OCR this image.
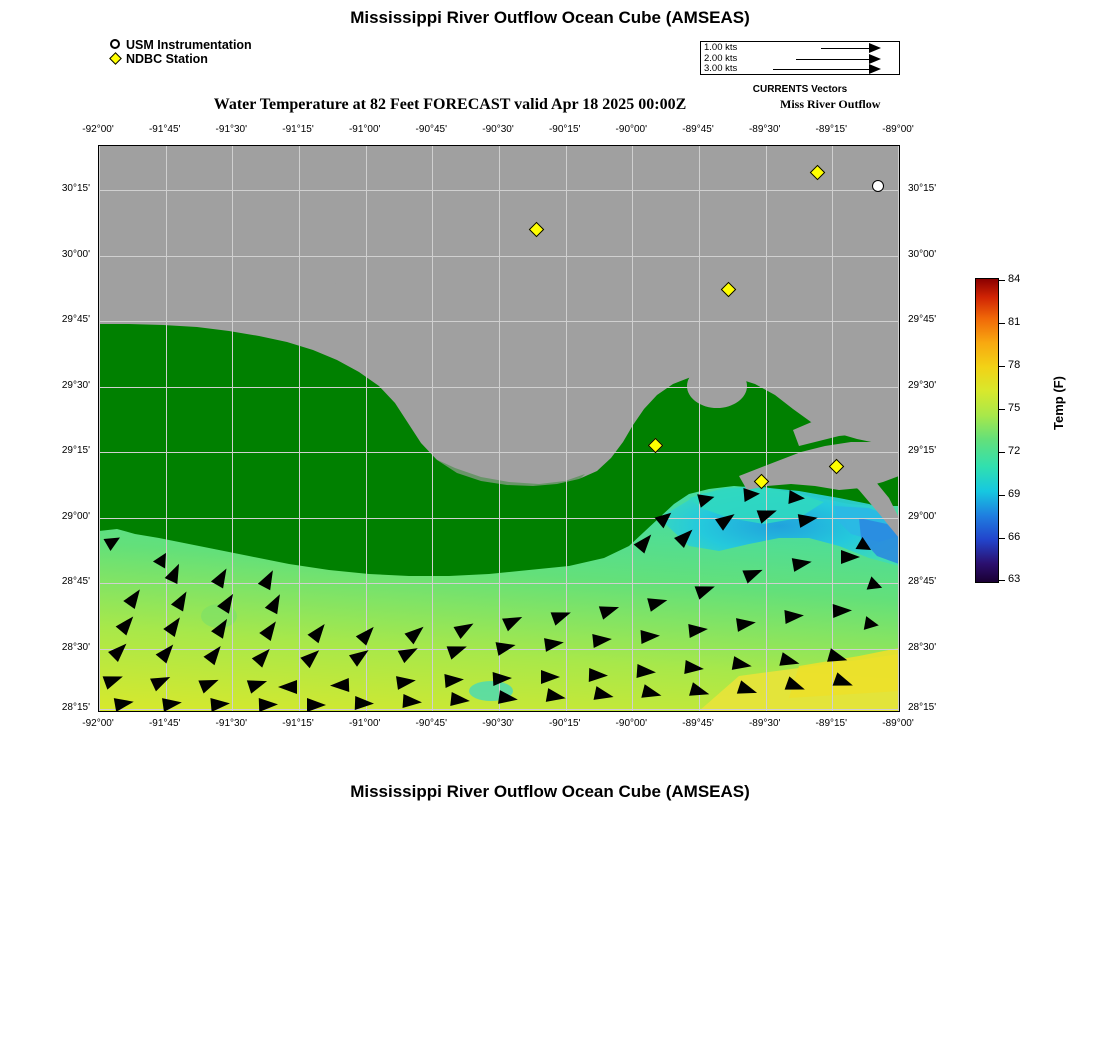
Mississippi River Outflow Ocean Cube (AMSEAS)
USM Instrumentation
NDBC Station
1.00 kts
2.00 kts
3.00 kts
CURRENTS Vectors
Water Temperature at 82 Feet FORECAST valid Apr 18 2025 00:00Z	Miss River Outflow
-92°00'	-91°45'	-91°30'	-91°15'	-91°00'	-90°45'	-90°30'	-90°15'	-90°00'	-89°45'	-89°30'	-89°15'	-89°00'
-92°00'	-91°45'	-91°30'	-91°15'	-91°00'	-90°45'	-90°30'	-90°15'	-90°00'	-89°45'	-89°30'	-89°15'	-89°00'
30°15'
30°00'
29°45'
29°30'
29°15'
29°00'
28°45'
28°30'
28°15'
30°15'
30°00'
29°45'
29°30'
29°15'
29°00'
28°45'
28°30'
28°15'
84
81
78
75
72
69
66
63
Temp (F)
Mississippi River Outflow Ocean Cube (AMSEAS)
